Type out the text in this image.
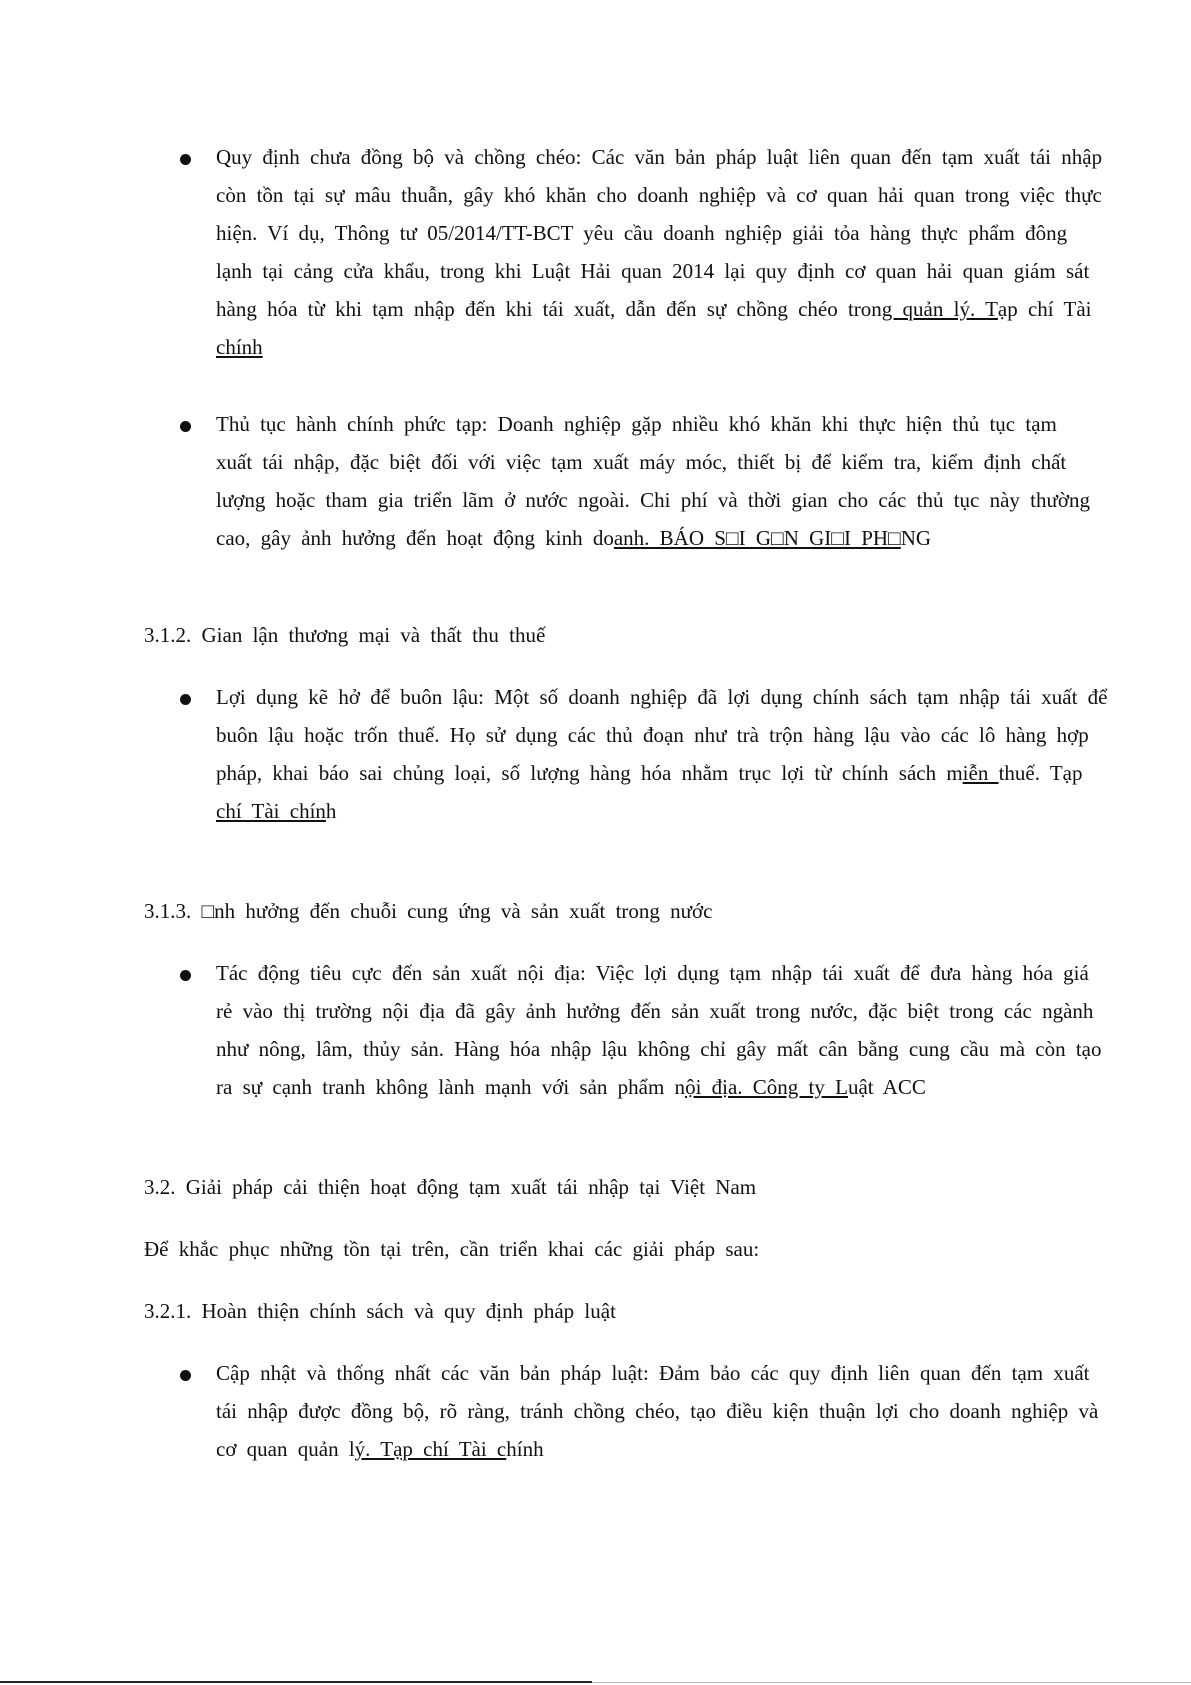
Quy định chưa đồng bộ và chồng chéo: Các văn bản pháp luật liên quan đến tạm xuất tái nhập
còn tồn tại sự mâu thuẫn, gây khó khăn cho doanh nghiệp và cơ quan hải quan trong việc thực
hiện. Ví dụ, Thông tư 05/2014/TT-BCT yêu cầu doanh nghiệp giải tỏa hàng thực phẩm đông
lạnh tại cảng cửa khẩu, trong khi Luật Hải quan 2014 lại quy định cơ quan hải quan giám sát
hàng hóa từ khi tạm nhập đến khi tái xuất, dẫn đến sự chồng chéo trong quản lý. Tạp chí Tài
chính
Thủ tục hành chính phức tạp: Doanh nghiệp gặp nhiều khó khăn khi thực hiện thủ tục tạm
xuất tái nhập, đặc biệt đối với việc tạm xuất máy móc, thiết bị để kiểm tra, kiểm định chất
lượng hoặc tham gia triển lãm ở nước ngoài. Chi phí và thời gian cho các thủ tục này thường
cao, gây ảnh hưởng đến hoạt động kinh doanh. BÁO S□I G□N GI□I PH□NG
3.1.2. Gian lận thương mại và thất thu thuế
Lợi dụng kẽ hở để buôn lậu: Một số doanh nghiệp đã lợi dụng chính sách tạm nhập tái xuất để
buôn lậu hoặc trốn thuế. Họ sử dụng các thủ đoạn như trà trộn hàng lậu vào các lô hàng hợp
pháp, khai báo sai chủng loại, số lượng hàng hóa nhằm trục lợi từ chính sách miễn thuế. Tạp
chí Tài chính
3.1.3. □nh hưởng đến chuỗi cung ứng và sản xuất trong nước
Tác động tiêu cực đến sản xuất nội địa: Việc lợi dụng tạm nhập tái xuất để đưa hàng hóa giá
rẻ vào thị trường nội địa đã gây ảnh hưởng đến sản xuất trong nước, đặc biệt trong các ngành
như nông, lâm, thủy sản. Hàng hóa nhập lậu không chỉ gây mất cân bằng cung cầu mà còn tạo
ra sự cạnh tranh không lành mạnh với sản phẩm nội địa. Công ty Luật ACC
3.2. Giải pháp cải thiện hoạt động tạm xuất tái nhập tại Việt Nam
Để khắc phục những tồn tại trên, cần triển khai các giải pháp sau:
3.2.1. Hoàn thiện chính sách và quy định pháp luật
Cập nhật và thống nhất các văn bản pháp luật: Đảm bảo các quy định liên quan đến tạm xuất
tái nhập được đồng bộ, rõ ràng, tránh chồng chéo, tạo điều kiện thuận lợi cho doanh nghiệp và
cơ quan quản lý. Tạp chí Tài chính
